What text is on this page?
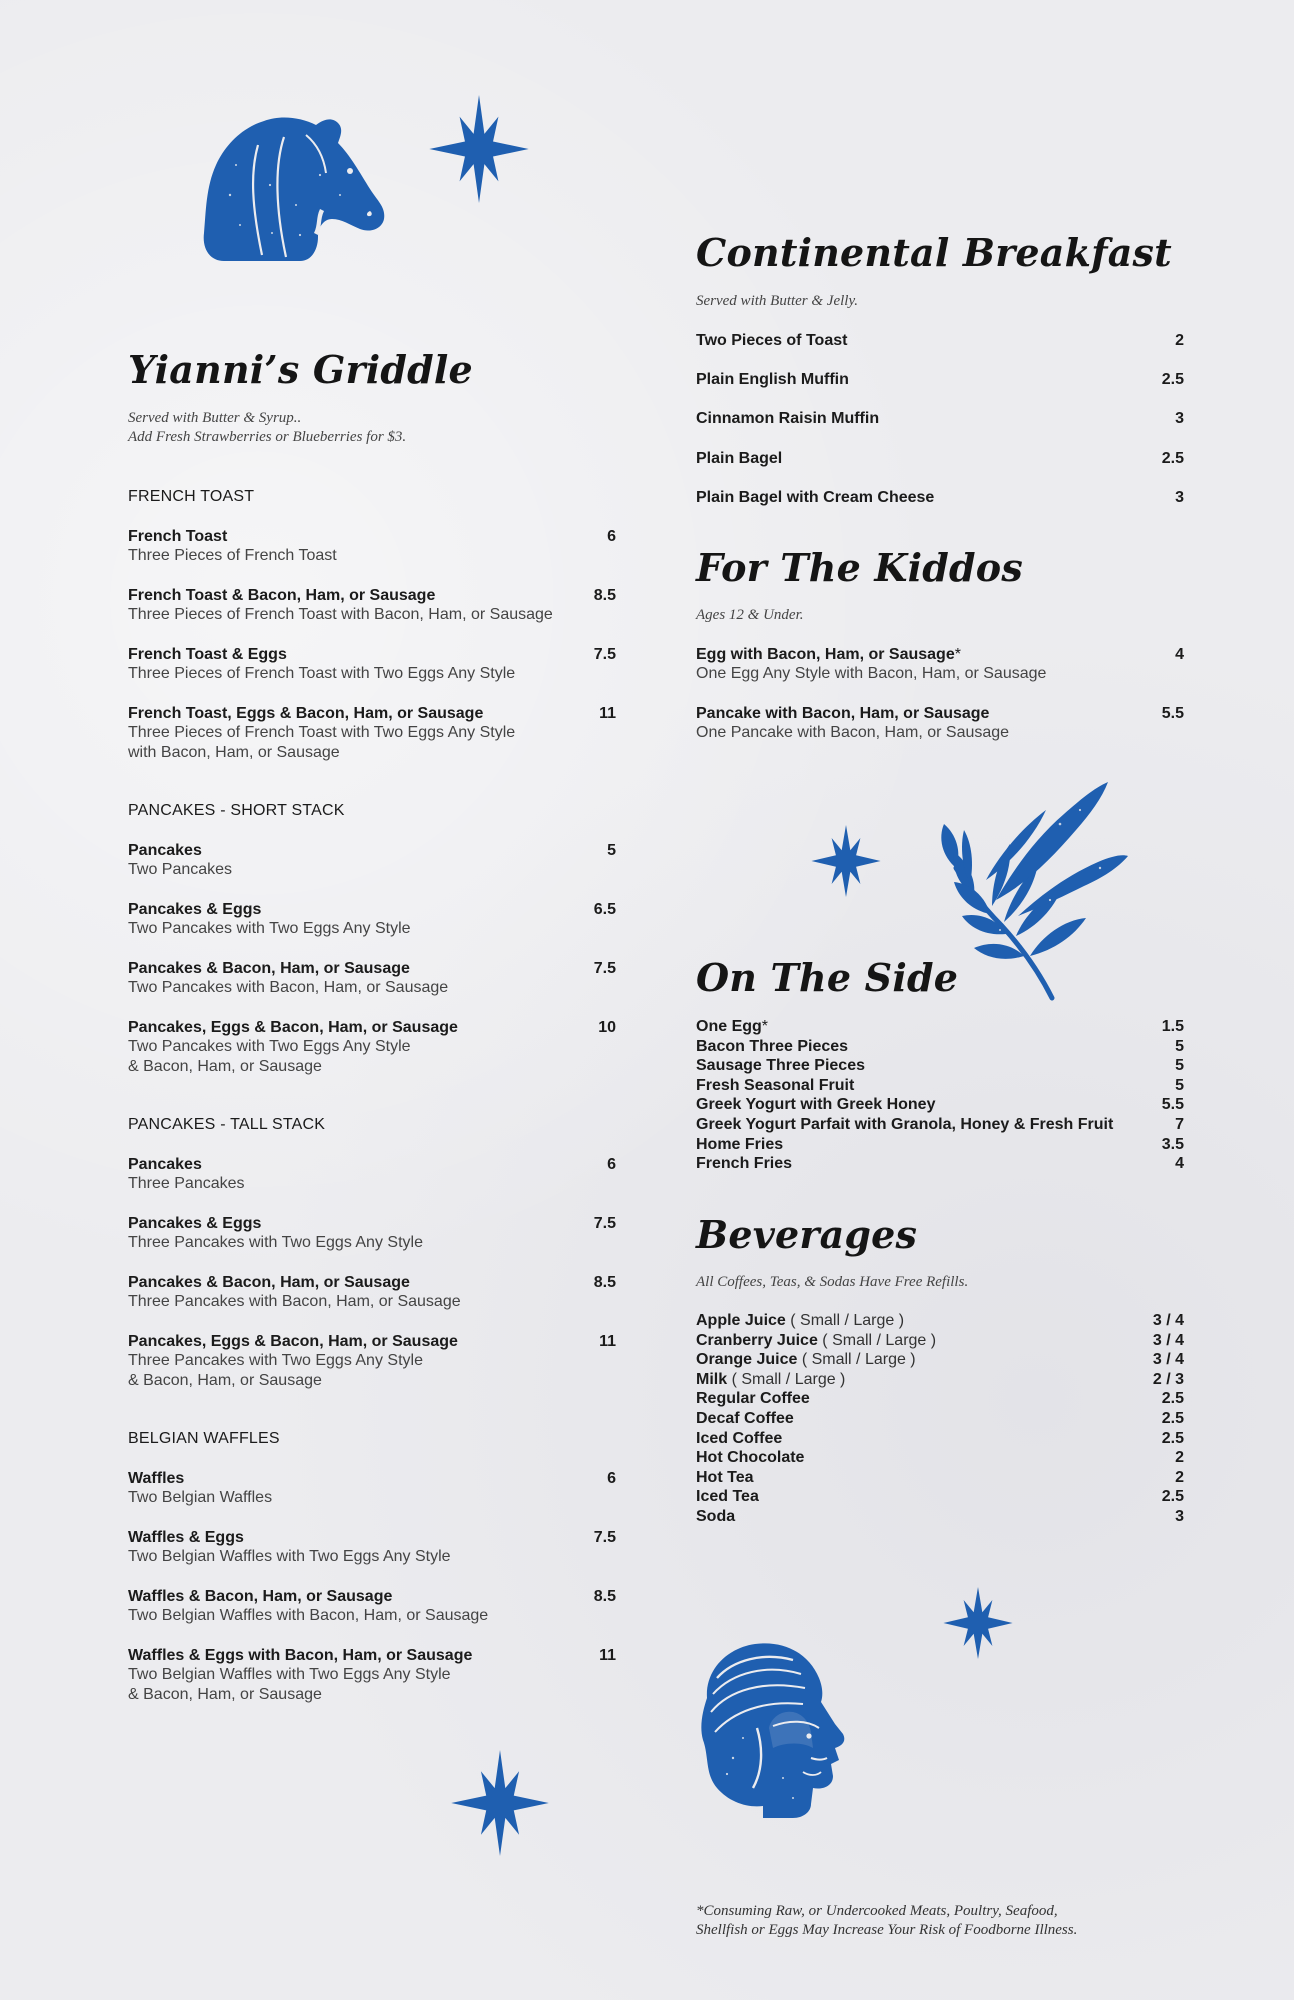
Yianni’s Griddle
Served with Butter & Syrup..
Add Fresh Strawberries or Blueberries for $3.
FRENCH TOAST
French Toast	6
Three Pieces of French Toast
French Toast & Bacon, Ham, or Sausage	8.5
Three Pieces of French Toast with Bacon, Ham, or Sausage
French Toast & Eggs	7.5
Three Pieces of French Toast with Two Eggs Any Style
French Toast, Eggs & Bacon, Ham, or Sausage	11
Three Pieces of French Toast with Two Eggs Any Style
with Bacon, Ham, or Sausage
PANCAKES - SHORT STACK
Pancakes	5
Two Pancakes
Pancakes & Eggs	6.5
Two Pancakes with Two Eggs Any Style
Pancakes & Bacon, Ham, or Sausage	7.5
Two Pancakes with Bacon, Ham, or Sausage
Pancakes, Eggs & Bacon, Ham, or Sausage	10
Two Pancakes with Two Eggs Any Style
& Bacon, Ham, or Sausage
PANCAKES - TALL STACK
Pancakes	6
Three Pancakes
Pancakes & Eggs	7.5
Three Pancakes with Two Eggs Any Style
Pancakes & Bacon, Ham, or Sausage	8.5
Three Pancakes with Bacon, Ham, or Sausage
Pancakes, Eggs & Bacon, Ham, or Sausage	11
Three Pancakes with Two Eggs Any Style
& Bacon, Ham, or Sausage
BELGIAN WAFFLES
Waffles	6
Two Belgian Waffles
Waffles & Eggs	7.5
Two Belgian Waffles with Two Eggs Any Style
Waffles & Bacon, Ham, or Sausage	8.5
Two Belgian Waffles with Bacon, Ham, or Sausage
Waffles & Eggs with Bacon, Ham, or Sausage	11
Two Belgian Waffles with Two Eggs Any Style
& Bacon, Ham, or Sausage
Continental Breakfast
Served with Butter & Jelly.
Two Pieces of Toast	2
Plain English Muffin	2.5
Cinnamon Raisin Muffin	3
Plain Bagel	2.5
Plain Bagel with Cream Cheese	3
For The Kiddos
Ages 12 & Under.
Egg with Bacon, Ham, or Sausage*	4
One Egg Any Style with Bacon, Ham, or Sausage
Pancake with Bacon, Ham, or Sausage	5.5
One Pancake with Bacon, Ham, or Sausage
On The Side
One Egg*	1.5
Bacon Three Pieces	5
Sausage Three Pieces	5
Fresh Seasonal Fruit	5
Greek Yogurt with Greek Honey	5.5
Greek Yogurt Parfait with Granola, Honey & Fresh Fruit	7
Home Fries	3.5
French Fries	4
Beverages
All Coffees, Teas, & Sodas Have Free Refills.
Apple Juice ( Small / Large )	3 / 4
Cranberry Juice ( Small / Large )	3 / 4
Orange Juice ( Small / Large )	3 / 4
Milk ( Small / Large )	2 / 3
Regular Coffee	2.5
Decaf Coffee	2.5
Iced Coffee	2.5
Hot Chocolate	2
Hot Tea	2
Iced Tea	2.5
Soda	3
*Consuming Raw, or Undercooked Meats, Poultry, Seafood,
Shellfish or Eggs May Increase Your Risk of Foodborne Illness.
